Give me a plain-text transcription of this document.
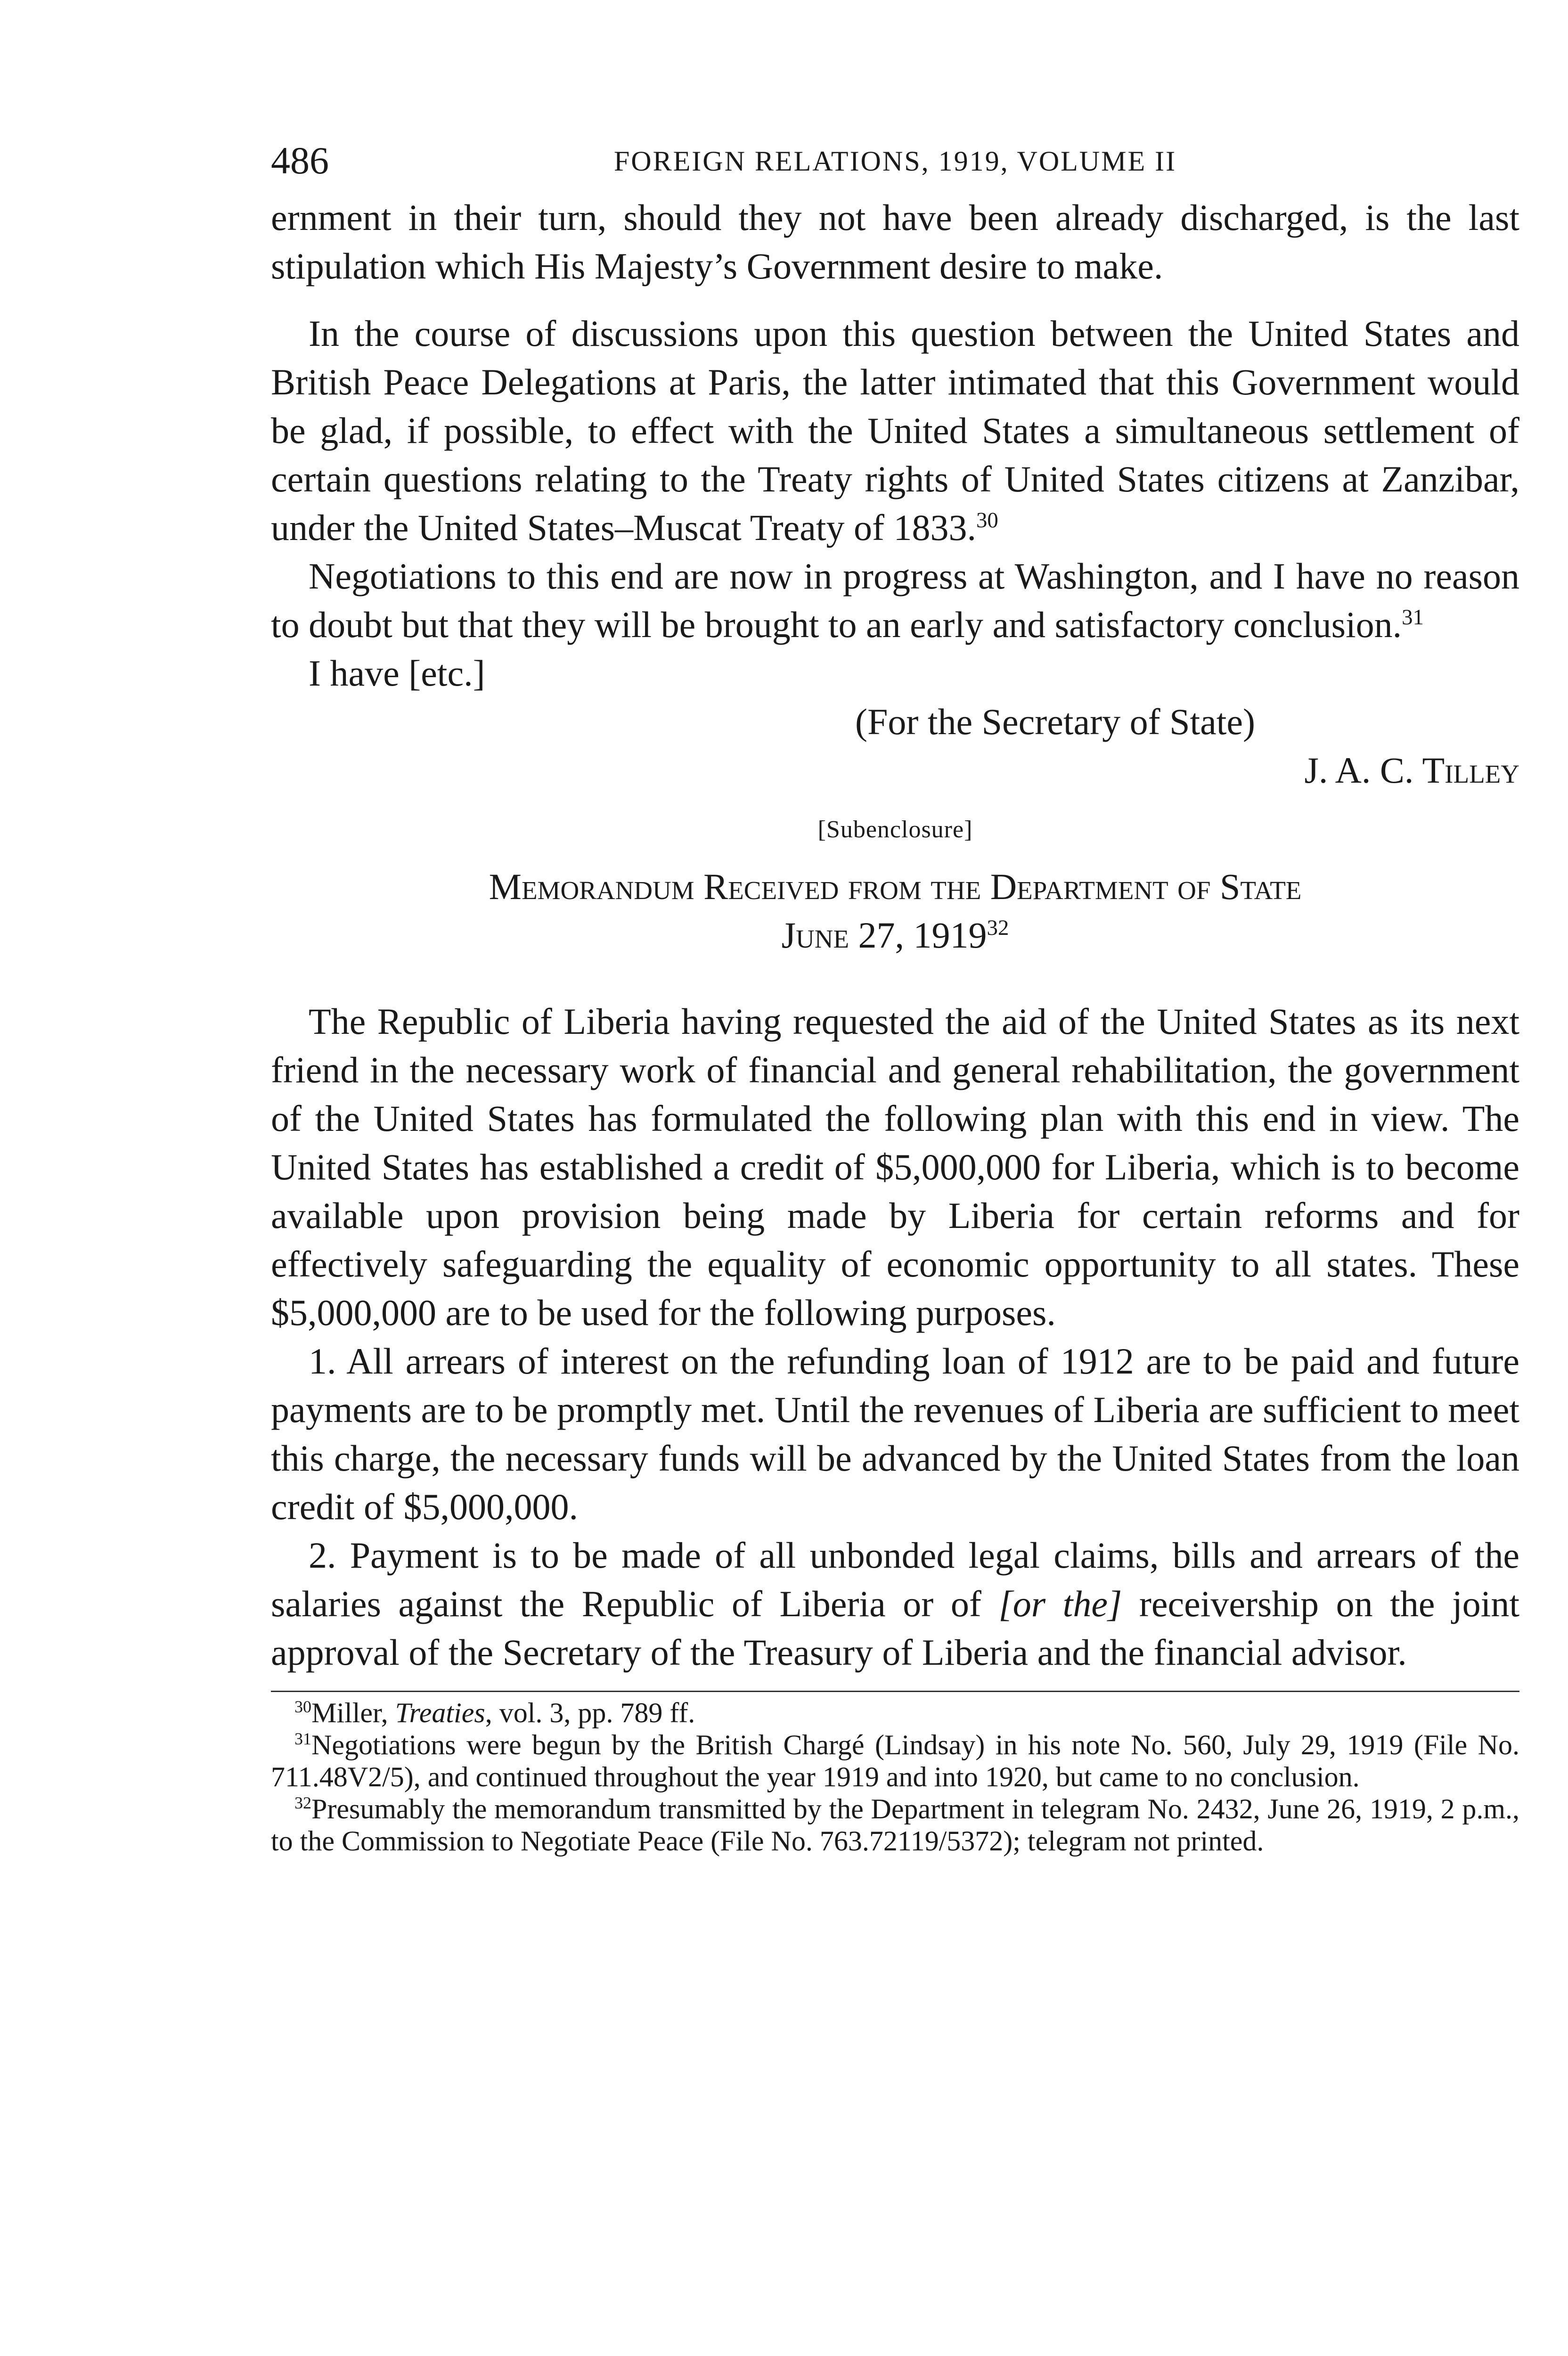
486	FOREIGN RELATIONS, 1919, VOLUME II

ernment in their turn, should they not have been already discharged, is the last stipulation which His Majesty’s Government desire to make.

In the course of discussions upon this question between the United States and British Peace Delegations at Paris, the latter intimated that this Government would be glad, if possible, to effect with the United States a simultaneous settlement of certain questions relating to the Treaty rights of United States citizens at Zanzibar, under the United States–Muscat Treaty of 1833.30

Negotiations to this end are now in progress at Washington, and I have no reason to doubt but that they will be brought to an early and satisfactory conclusion.$^{31}$

I have [etc.]

(For the Secretary of State)

J. A. C. Tilley

[Subenclosure]

Memorandum Received from the Department of State
June 27, 1919$^{32}$

The Republic of Liberia having requested the aid of the United States as its next friend in the necessary work of financial and general rehabilitation, the government of the United States has formulated the following plan with this end in view. The United States has established a credit of $5,000,000 for Liberia, which is to become available upon provision being made by Liberia for certain reforms and for effectively safeguarding the equality of economic opportunity to all states. These $5,000,000 are to be used for the following purposes.

1. All arrears of interest on the refunding loan of 1912 are to be paid and future payments are to be promptly met. Until the revenues of Liberia are sufficient to meet this charge, the necessary funds will be advanced by the United States from the loan credit of $5,000,000.

2. Payment is to be made of all unbonded legal claims, bills and arrears of the salaries against the Republic of Liberia or of [or the] receivership on the joint approval of the Secretary of the Treasury of Liberia and the financial advisor.

$^{30}$Miller, Treaties, vol. 3, pp. 789 ff.

$^{31}$Negotiations were begun by the British Chargé (Lindsay) in his note No. 560, July 29, 1919 (File No. 711.48V2/5), and continued throughout the year 1919 and into 1920, but came to no conclusion.

$^{32}$Presumably the memorandum transmitted by the Department in telegram No. 2432, June 26, 1919, 2 p.m., to the Commission to Negotiate Peace (File No. 763.72119/5372); telegram not printed.
